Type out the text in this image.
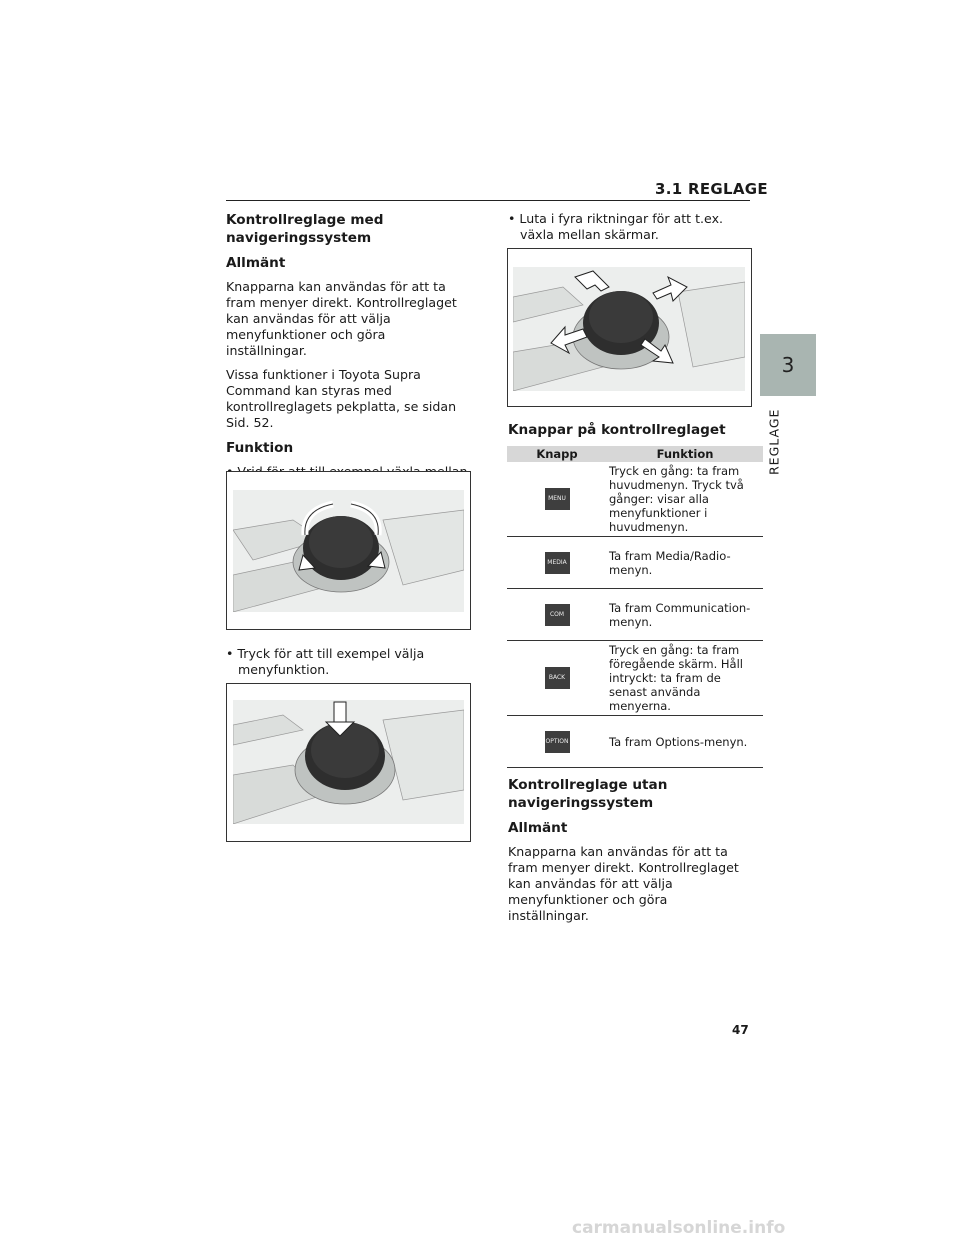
3.1 REGLAGE
3
REGLAGE
Kontrollreglage med navigeringssystem
Allmänt

Knapparna kan användas för att ta fram menyer direkt. Kontrollreglaget kan användas för att välja menyfunktioner och göra inställningar.

Vissa funktioner i Toyota Supra Command kan styras med kontrollreglagets pekplatta, se sidan Sid. 52.

Funktion

• Tryck för att till exempel välja menyfunktion.

• Luta i fyra riktningar för att t.ex. växla mellan skärmar.

Knappar på kontrollreglaget
Knapp	Funktion
MENU	Tryck en gång: ta fram huvudmenyn. Tryck två gånger: visar alla menyfunktioner i huvudmenyn.
MEDIA	Ta fram Media/Radio-menyn.
COM	Ta fram Communication-menyn.
BACK	Tryck en gång: ta fram föregående skärm. Håll intryckt: ta fram de senast använda menyerna.
OPTION	Ta fram Options-menyn.
Kontrollreglage utan navigeringssystem
Allmänt

Knapparna kan användas för att ta fram menyer direkt. Kontrollreglaget kan användas för att välja menyfunktioner och göra inställningar.

47
carmanualsonline.info
